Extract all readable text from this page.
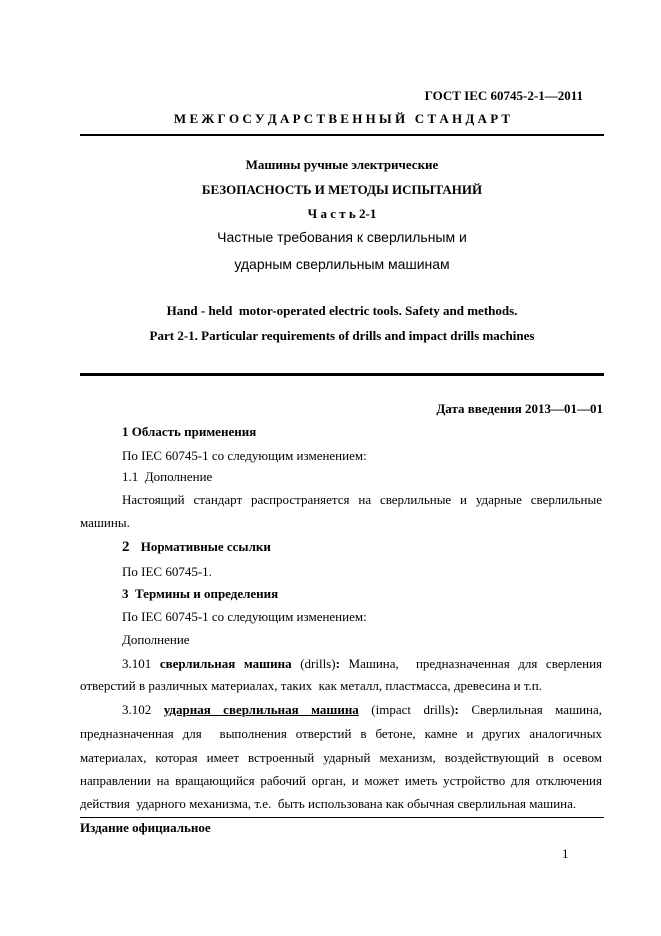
ГОСТ IEC 60745-2-1—2011
М Е Ж Г О С У Д А Р С Т В Е Н Н Ы Й   С Т А Н Д А Р Т
Машины ручные электрические
БЕЗОПАСНОСТЬ И МЕТОДЫ ИСПЫТАНИЙ
Ч а с т ь 2-1
Частные требования к сверлильным и
ударным сверлильным машинам
Hand - held  motor-operated electric tools. Safety and methods.
Part 2-1. Particular requirements of drills and impact drills machines
Дата введения 2013—01—01
1 Область применения
По IEC 60745-1 со следующим изменением:
1.1  Дополнение
Настоящий стандарт распространяется на сверлильные и ударные сверлильные
машины.
2 Нормативные ссылки
По IEC 60745-1.
3  Термины и определения
По IEC 60745-1 со следующим изменением:
Дополнение
3.101 сверлильная машина (drills): Машина,  предназначенная для сверления
отверстий в различных материалах, таких  как металл, пластмасса, древесина и т.п.
3.102 ударная сверлильная машина (impact drills): Сверлильная машина,
предназначенная для  выполнения отверстий в бетоне, камне и других аналогичных
материалах, которая имеет встроенный ударный механизм, воздействующий в осевом
направлении на вращающийся рабочий орган, и может иметь устройство для отключения
действия  ударного механизма, т.е.  быть использована как обычная сверлильная машина.
Издание официальное
1
